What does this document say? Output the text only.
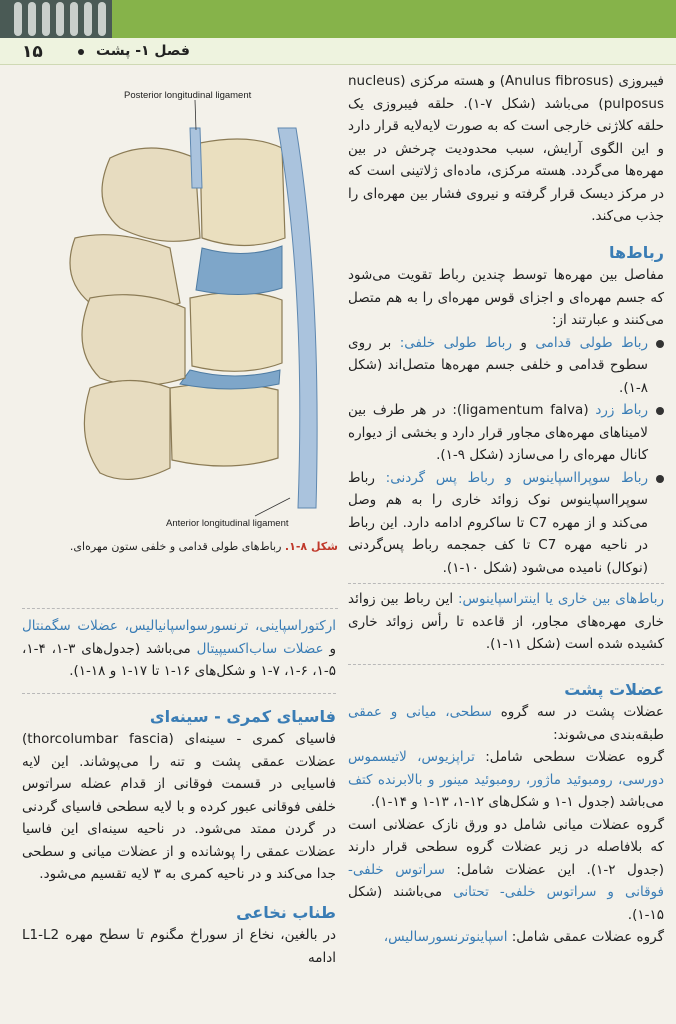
۱۵	فصل ۱- پشت
Posterior longitudinal ligament
Anterior longitudinal ligament
شکل ۸-۱. رباط‌های طولی قدامی و خلفی ستون مهره‌ای.

فیبروزی (Anulus fibrosus) و هسته مرکزی (nucleus pulposus) می‌باشد (شکل ۷-۱). حلقه فیبروزی یک حلقه کلاژنی خارجی است که به صورت لایه‌لایه قرار دارد و این الگوی آرایش، سبب محدودیت چرخش در بین مهره‌ها می‌گردد. هسته مرکزی، ماده‌ای ژلاتینی است که در مرکز دیسک قرار گرفته و نیروی فشار بین مهره‌ای را جذب می‌کند.

رباط‌ها

مفاصل بین مهره‌ها توسط چندین رباط تقویت می‌شود که جسم مهره‌ای و اجزای قوس مهره‌ای را به هم متصل می‌کنند و عبارتند از:

رباط طولی قدامی و رباط طولی خلفی: بر روی سطوح قدامی و خلفی جسم مهره‌ها متصل‌اند (شکل ۸-۱).
رباط زرد (ligamentum falva): در هر طرف بین لامیناهای مهره‌های مجاور قرار دارد و بخشی از دیواره کانال مهره‌ای را می‌سازد (شکل ۹-۱).
رباط سوپرااسپاینوس و رباط پس گردنی: رباط سوپرااسپاینوس نوک زوائد خاری را به هم وصل می‌کند و از مهره C7 تا ساکروم ادامه دارد. این رباط در ناحیه مهره C7 تا کف جمجمه رباط پس‌گردنی (نوکال) نامیده می‌شود (شکل ۱۰-۱).
رباط‌های بین خاری یا اینتراسپاینوس: این رباط بین زوائد خاری مهره‌های مجاور، از قاعده تا رأس زوائد خاری کشیده شده است (شکل ۱۱-۱).
عضلات پشت

عضلات پشت در سه گروه سطحی، میانی و عمقی طبقه‌بندی می‌شوند:

گروه عضلات سطحی شامل: تراپزیوس، لاتیسموس دورسی، رومبوئید ماژور، رومبوئید مینور و بالابرنده کتف می‌باشد (جدول ۱-۱ و شکل‌های ۱۲-۱، ۱۳-۱ و ۱۴-۱).

گروه عضلات میانی شامل دو ورق نازک عضلانی است که بلافاصله در زیر عضلات گروه سطحی قرار دارند (جدول ۲-۱). این عضلات شامل: سراتوس خلفی- فوقانی و سراتوس خلفی- تحتانی می‌باشند (شکل ۱۵-۱).

گروه عضلات عمقی شامل: اسپاینوترنسورسالیس،

ارکتوراسپاینی، ترنسورسواسپانیالیس، عضلات سگمنتال و عضلات ساب‌اکسیپیتال می‌باشد (جدول‌های ۳-۱، ۴-۱، ۵-۱، ۶-۱، ۷-۱ و شکل‌های ۱۶-۱ تا ۱۷-۱ و ۱۸-۱).

فاسیای کمری - سینه‌ای

فاسیای کمری - سینه‌ای (thorcolumbar fascia) عضلات عمقی پشت و تنه را می‌پوشاند. این لایه فاسیایی در قسمت فوقانی از قدام عضله سراتوس خلفی فوقانی عبور کرده و با لایه سطحی فاسیای گردنی در گردن ممتد می‌شود. در ناحیه سینه‌ای این فاسیا عضلات عمقی را پوشانده و از عضلات میانی و سطحی جدا می‌کند و در ناحیه کمری به ۳ لایه تقسیم می‌شود.

طناب نخاعی

در بالغین، نخاع از سوراخ مگنوم تا سطح مهره L1-L2 ادامه
